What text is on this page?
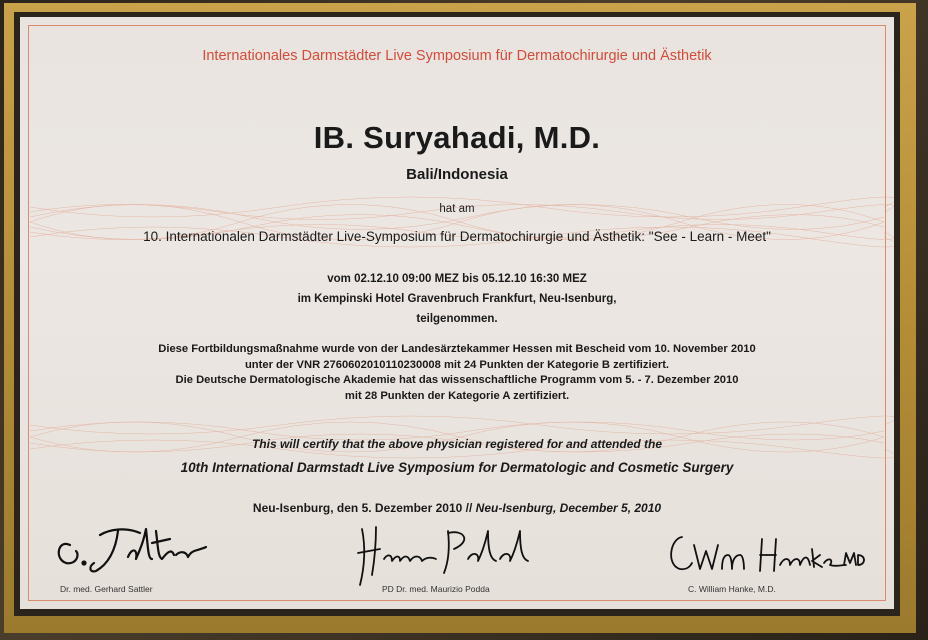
Internationales Darmstädter Live Symposium für Dermatochirurgie und Ästhetik
IB. Suryahadi, M.D.
Bali/Indonesia
hat am
10. Internationalen Darmstädter Live-Symposium für Dermatochirurgie und Ästhetik: "See - Learn - Meet"
vom 02.12.10 09:00 MEZ bis 05.12.10 16:30 MEZ
im Kempinski Hotel Gravenbruch Frankfurt, Neu-Isenburg,
teilgenommen.
Diese Fortbildungsmaßnahme wurde von der Landesärztekammer Hessen mit Bescheid vom 10. November 2010
unter der VNR 2760602010110230008 mit 24 Punkten der Kategorie B zertifiziert.
Die Deutsche Dermatologische Akademie hat das wissenschaftliche Programm vom 5. - 7. Dezember 2010
mit 28 Punkten der Kategorie A zertifiziert.
This will certify that the above physician registered for and attended the
10th International Darmstadt Live Symposium for Dermatologic and Cosmetic Surgery
Neu-Isenburg, den 5. Dezember 2010 // Neu-Isenburg, December 5, 2010
Dr. med. Gerhard Sattler	PD Dr. med. Maurizio Podda	C. William Hanke, M.D.
